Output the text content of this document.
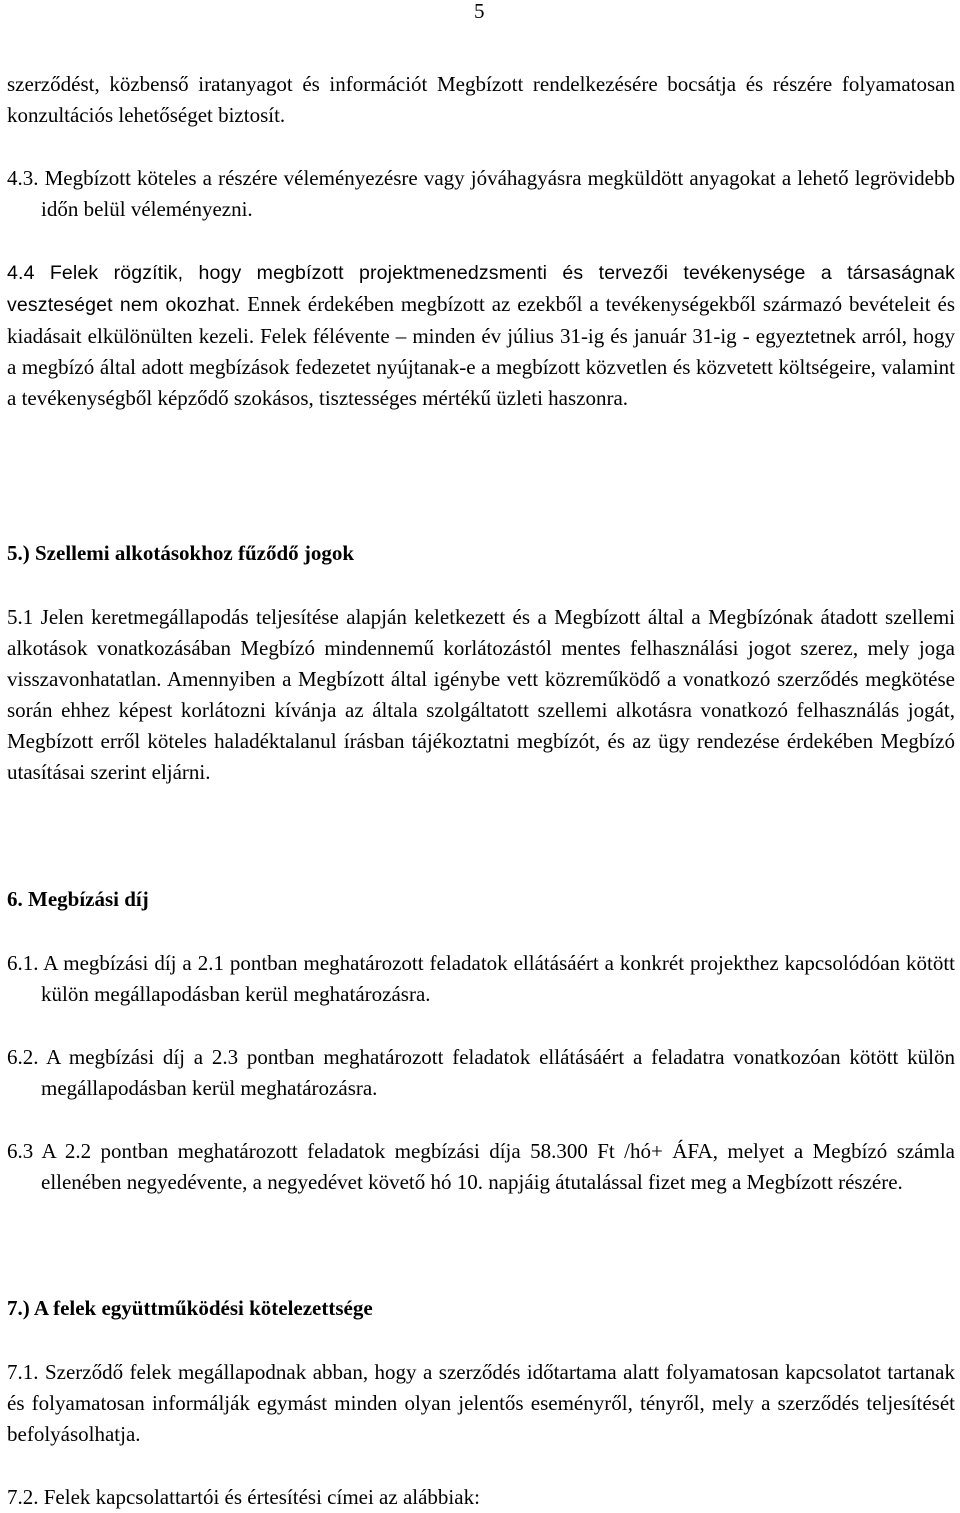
5

szerződést, közbenső iratanyagot és információt Megbízott rendelkezésére bocsátja és részére folyamatosan konzultációs lehetőséget biztosít.

4.3. Megbízott köteles a részére véleményezésre vagy jóváhagyásra megküldött anyagokat a lehető legrövidebb időn belül véleményezni.

4.4 Felek rögzítik, hogy megbízott projektmenedzsmenti és tervezői tevékenysége a társaságnak veszteséget nem okozhat. Ennek érdekében megbízott az ezekből a tevékenységekből származó bevételeit és kiadásait elkülönülten kezeli. Felek félévente – minden év július 31-ig és január 31-ig - egyeztetnek arról, hogy a megbízó által adott megbízások fedezetet nyújtanak-e a megbízott közvetlen és közvetett költségeire, valamint a tevékenységből képződő szokásos, tisztességes mértékű üzleti haszonra.

5.) Szellemi alkotásokhoz fűződő jogok

5.1 Jelen keretmegállapodás teljesítése alapján keletkezett és a Megbízott által a Megbízónak átadott szellemi alkotások vonatkozásában Megbízó mindennemű korlátozástól mentes felhasználási jogot szerez, mely joga visszavonhatatlan. Amennyiben a Megbízott által igénybe vett közreműködő a vonatkozó szerződés megkötése során ehhez képest korlátozni kívánja az általa szolgáltatott szellemi alkotásra vonatkozó felhasználás jogát, Megbízott erről köteles haladéktalanul írásban tájékoztatni megbízót, és az ügy rendezése érdekében Megbízó utasításai szerint eljárni.

6. Megbízási díj

6.1. A megbízási díj a 2.1 pontban meghatározott feladatok ellátásáért a konkrét projekthez kapcsolódóan kötött külön megállapodásban kerül meghatározásra.

6.2. A megbízási díj a 2.3 pontban meghatározott feladatok ellátásáért a feladatra vonatkozóan kötött külön megállapodásban kerül meghatározásra.

6.3 A 2.2 pontban meghatározott feladatok megbízási díja 58.300 Ft /hó+ ÁFA, melyet a Megbízó számla ellenében negyedévente, a negyedévet követő hó 10. napjáig átutalással fizet meg a Megbízott részére.

7.) A felek együttműködési kötelezettsége

7.1. Szerződő felek megállapodnak abban, hogy a szerződés időtartama alatt folyamatosan kapcsolatot tartanak és folyamatosan informálják egymást minden olyan jelentős eseményről, tényről, mely a szerződés teljesítését befolyásolhatja.

7.2. Felek kapcsolattartói és értesítési címei az alábbiak:
